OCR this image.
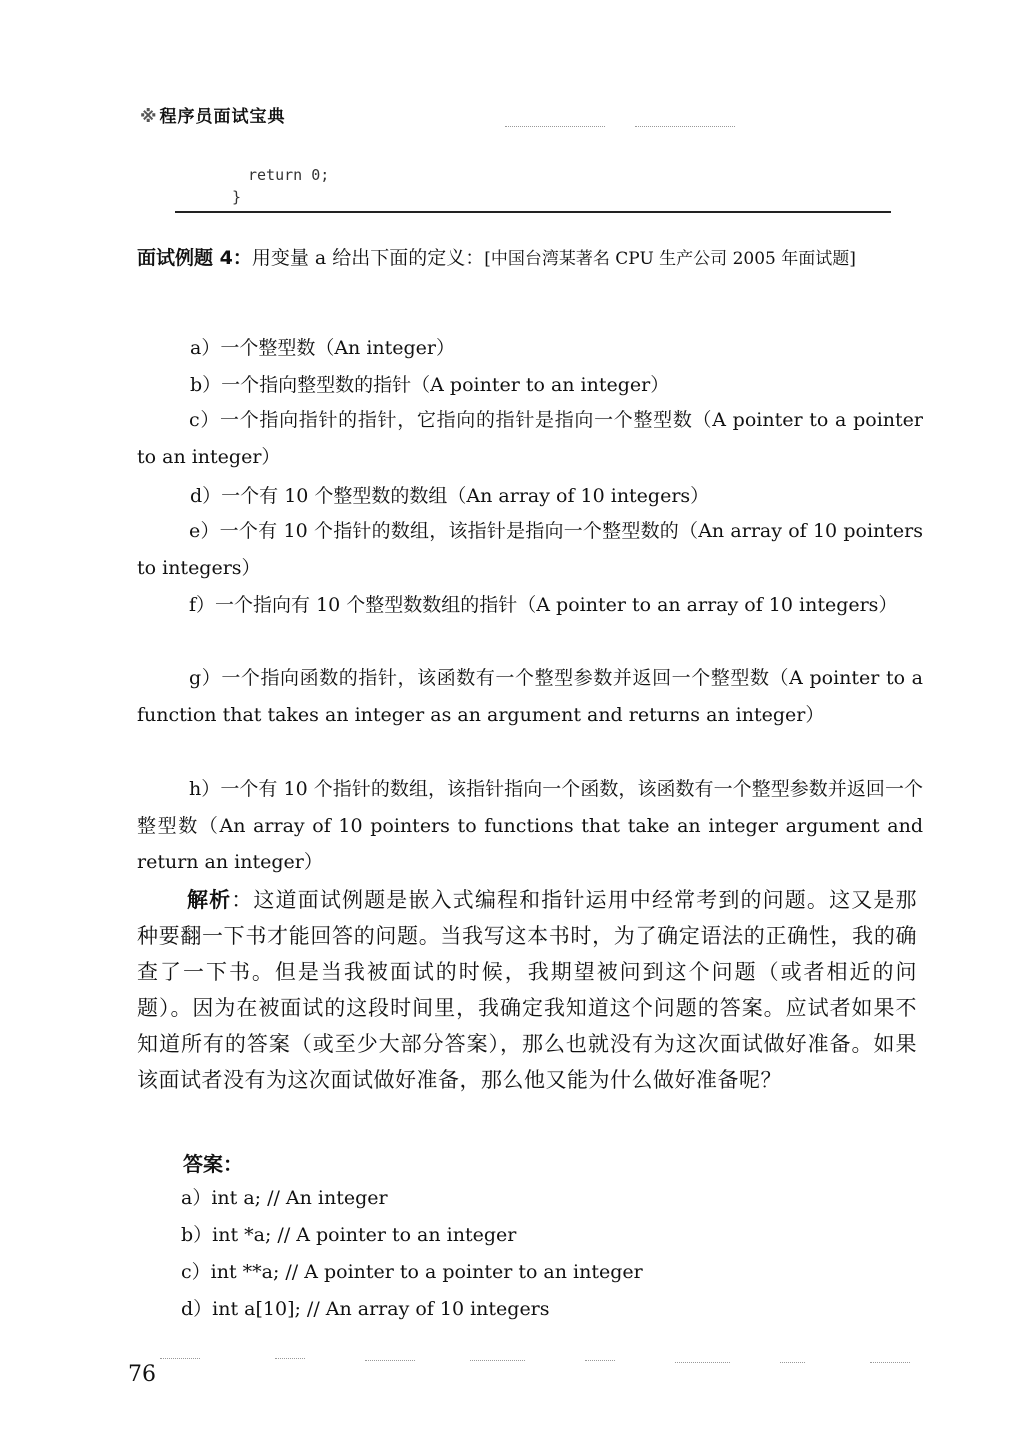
※ 程序员面试宝典
return 0;
}
面试例题 4：用变量 a 给出下面的定义：[中国台湾某著名 CPU 生产公司 2005 年面试题]
a）一个整型数（An integer）
b）一个指向整型数的指针（A pointer to an integer）
c）一个指向指针的指针，它指向的指针是指向一个整型数（A pointer to a pointer to an integer）
d）一个有 10 个整型数的数组（An array of 10 integers）
e）一个有 10 个指针的数组，该指针是指向一个整型数的（An array of 10 pointers to integers）
f）一个指向有 10 个整型数数组的指针（A pointer to an array of 10 integers）
g）一个指向函数的指针，该函数有一个整型参数并返回一个整型数（A pointer to a function that takes an integer as an argument and returns an integer）
h）一个有 10 个指针的数组，该指针指向一个函数，该函数有一个整型参数并返回一个整型数（An array of 10 pointers to functions that take an integer argument and return an integer）
解析：这道面试例题是嵌入式编程和指针运用中经常考到的问题。这又是那种要翻一下书才能回答的问题。当我写这本书时，为了确定语法的正确性，我的确查了一下书。但是当我被面试的时候，我期望被问到这个问题（或者相近的问题）。因为在被面试的这段时间里，我确定我知道这个问题的答案。应试者如果不知道所有的答案（或至少大部分答案），那么也就没有为这次面试做好准备。如果该面试者没有为这次面试做好准备，那么他又能为什么做好准备呢？
答案：
a）int a; // An integer
b）int *a; // A pointer to an integer
c）int **a; // A pointer to a pointer to an integer
d）int a[10]; // An array of 10 integers
76
